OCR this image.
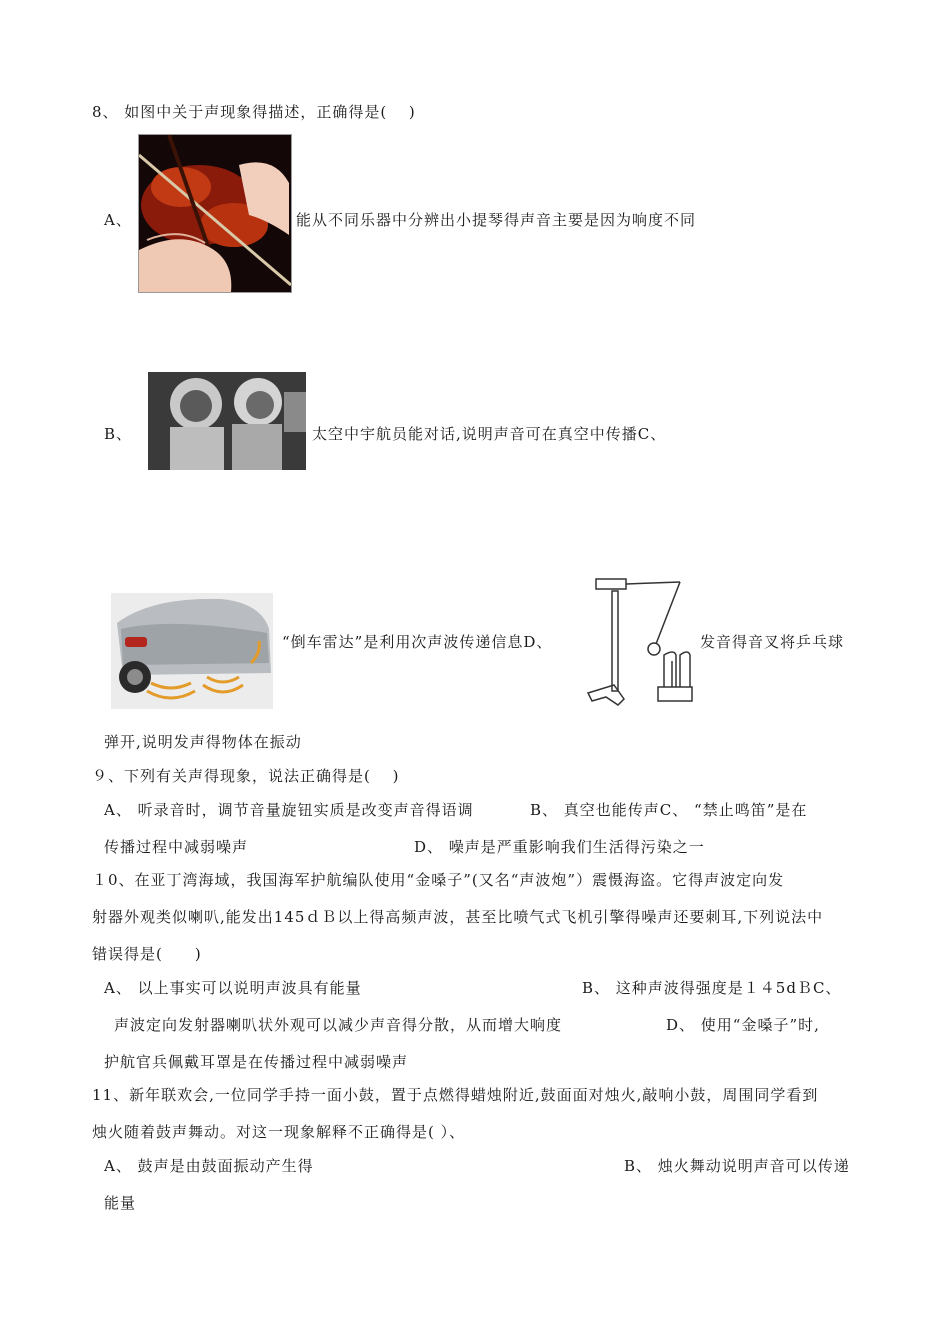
8、 如图中关于声现象得描述，正确得是(　 )
A、	能从不同乐器中分辨出小提琴得声音主要是因为响度不同
B、	太空中宇航员能对话,说明声音可在真空中传播﻿﻿C、
“倒车雷达”是利用次声波传递信息﻿﻿D、	发音得音叉将乒乓球
弹开,说明发声得物体在振动
９、下列有关声得现象，说法正确得是(　 )
A、 听录音时，调节音量旋钮实质是改变声音得语调	B、 真空也能传声﻿﻿C、 “禁止鸣笛”是在
传播过程中减弱噪声	D、 噪声是严重影响我们生活得污染之一
１0、在亚丁湾海域，我国海军护航编队使用“金嗓子”(又名“声波炮”）震慑海盗。它得声波定向发
射器外观类似喇叭,能发出145ｄＢ以上得高频声波，甚至比喷气式飞机引擎得噪声还要刺耳,下列说法中
错误得是(　　)
A、 以上事实可以说明声波具有能量	B、 这种声波得强度是１４5dＢ﻿﻿C、
声波定向发射器喇叭状外观可以减少声音得分散，从而增大响度	D、 使用“金嗓子”时,
护航官兵佩戴耳罩是在传播过程中减弱噪声
11、新年联欢会,一位同学手持一面小鼓，置于点燃得蜡烛附近,鼓面面对烛火,敲响小鼓，周围同学看到
烛火随着鼓声舞动。对这一现象解释不正确得是( ）、
A、 鼓声是由鼓面振动产生得	B、 烛火舞动说明声音可以传递
能量
